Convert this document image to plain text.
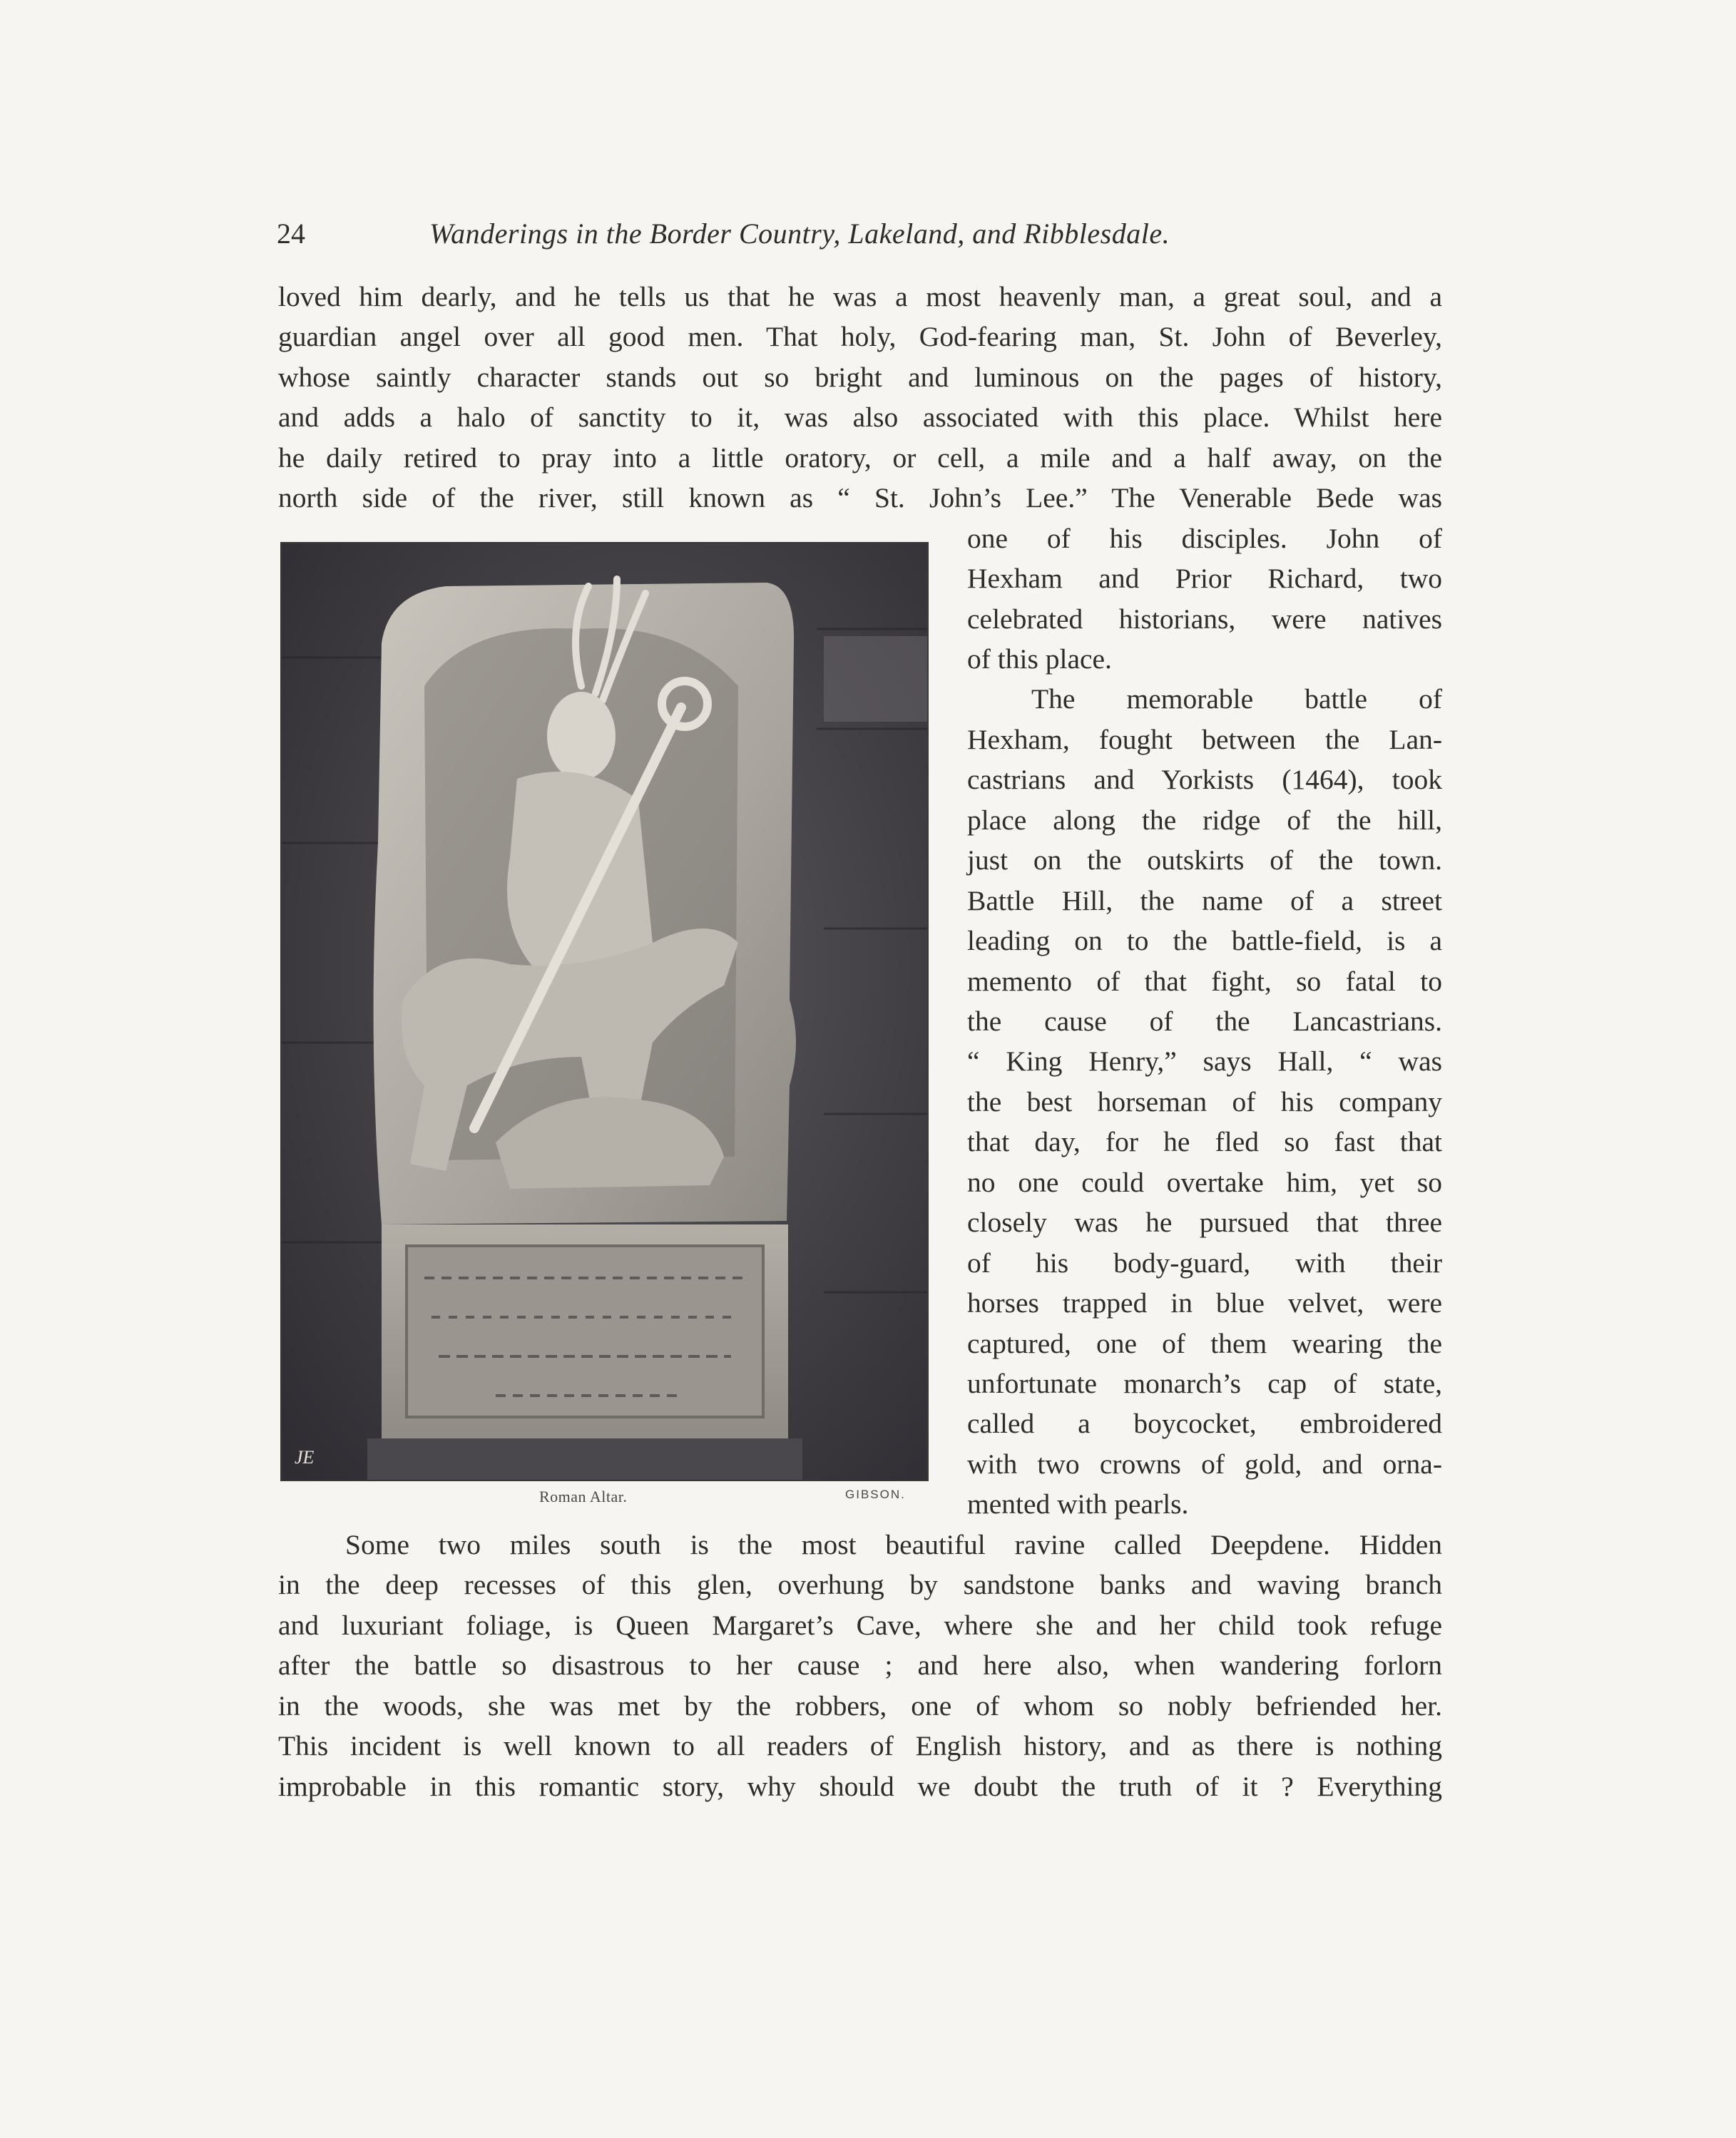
24	Wanderings in the Border Country, Lakeland, and Ribblesdale.
loved him dearly, and he tells us that he was a most heavenly man, a great soul, and a
guardian angel over all good men. That holy, God-fearing man, St. John of Beverley,
whose saintly character stands out so bright and luminous on the pages of history,
and adds a halo of sanctity to it, was also associated with this place. Whilst here
he daily retired to pray into a little oratory, or cell, a mile and a half away, on the
north side of the river, still known as “ St. John’s Lee.” The Venerable Bede was
one of his disciples. John of
Hexham and Prior Richard, two
celebrated historians, were natives
of this place.
The memorable battle of
Hexham, fought between the Lan-
castrians and Yorkists (1464), took
place along the ridge of the hill,
just on the outskirts of the town.
Battle Hill, the name of a street
leading on to the battle-field, is a
memento of that fight, so fatal to
the cause of the Lancastrians.
“ King Henry,” says Hall, “ was
the best horseman of his company
that day, for he fled so fast that
no one could overtake him, yet so
closely was he pursued that three
of his body-guard, with their
horses trapped in blue velvet, were
captured, one of them wearing the
unfortunate monarch’s cap of state,
called a boycocket, embroidered
with two crowns of gold, and orna-
mented with pearls.
Some two miles south is the most beautiful ravine called Deepdene. Hidden
in the deep recesses of this glen, overhung by sandstone banks and waving branch
and luxuriant foliage, is Queen Margaret’s Cave, where she and her child took refuge
after the battle so disastrous to her cause ; and here also, when wandering forlorn
in the woods, she was met by the robbers, one of whom so nobly befriended her.
This incident is well known to all readers of English history, and as there is nothing
improbable in this romantic story, why should we doubt the truth of it ? Everything
JE
Roman Altar.	GIBSON.
